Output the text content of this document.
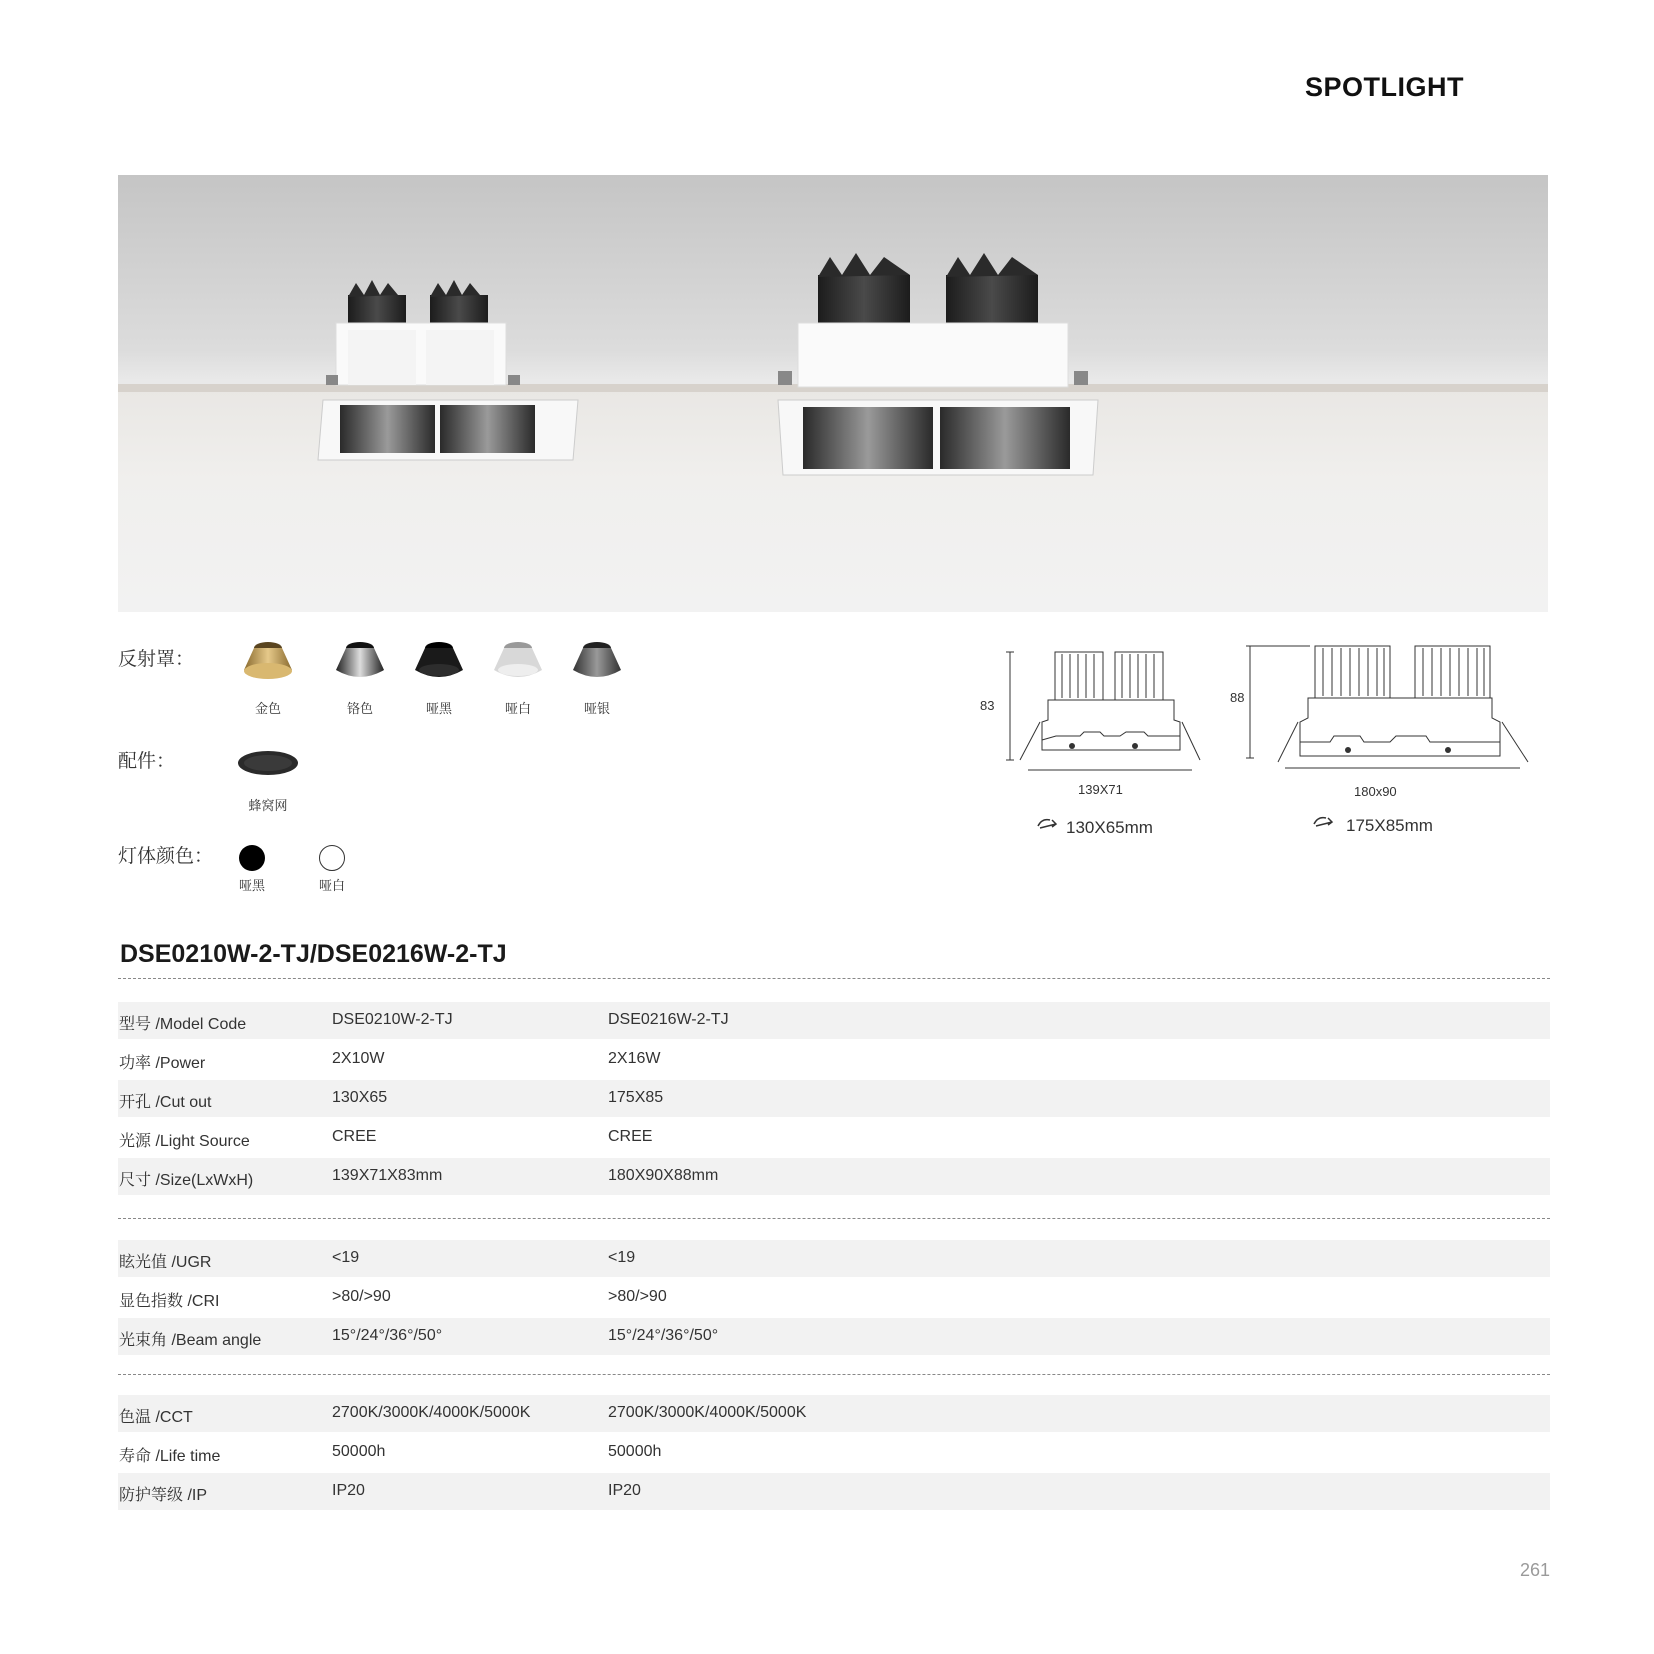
SPOTLIGHT
反射罩：
金色	铬色	哑黑	哑白	哑银
配件：
蜂窝网
灯体颜色：
哑黑	哑白
83
139X71
130X65mm
88
180x90
175X85mm
DSE0210W-2-TJ/DSE0216W-2-TJ
型号 /Model Code	DSE0210W-2-TJ	DSE0216W-2-TJ
功率 /Power	2X10W	2X16W
开孔 /Cut out	130X65	175X85
光源 /Light Source	CREE	CREE
尺寸 /Size(LxWxH)	139X71X83mm	180X90X88mm
眩光值 /UGR	<19	<19
显色指数 /CRI	>80/>90	>80/>90
光束角 /Beam angle	15°/24°/36°/50°	15°/24°/36°/50°
色温 /CCT	2700K/3000K/4000K/5000K	2700K/3000K/4000K/5000K
寿命 /Life time	50000h	50000h
防护等级 /IP	IP20	IP20
261
